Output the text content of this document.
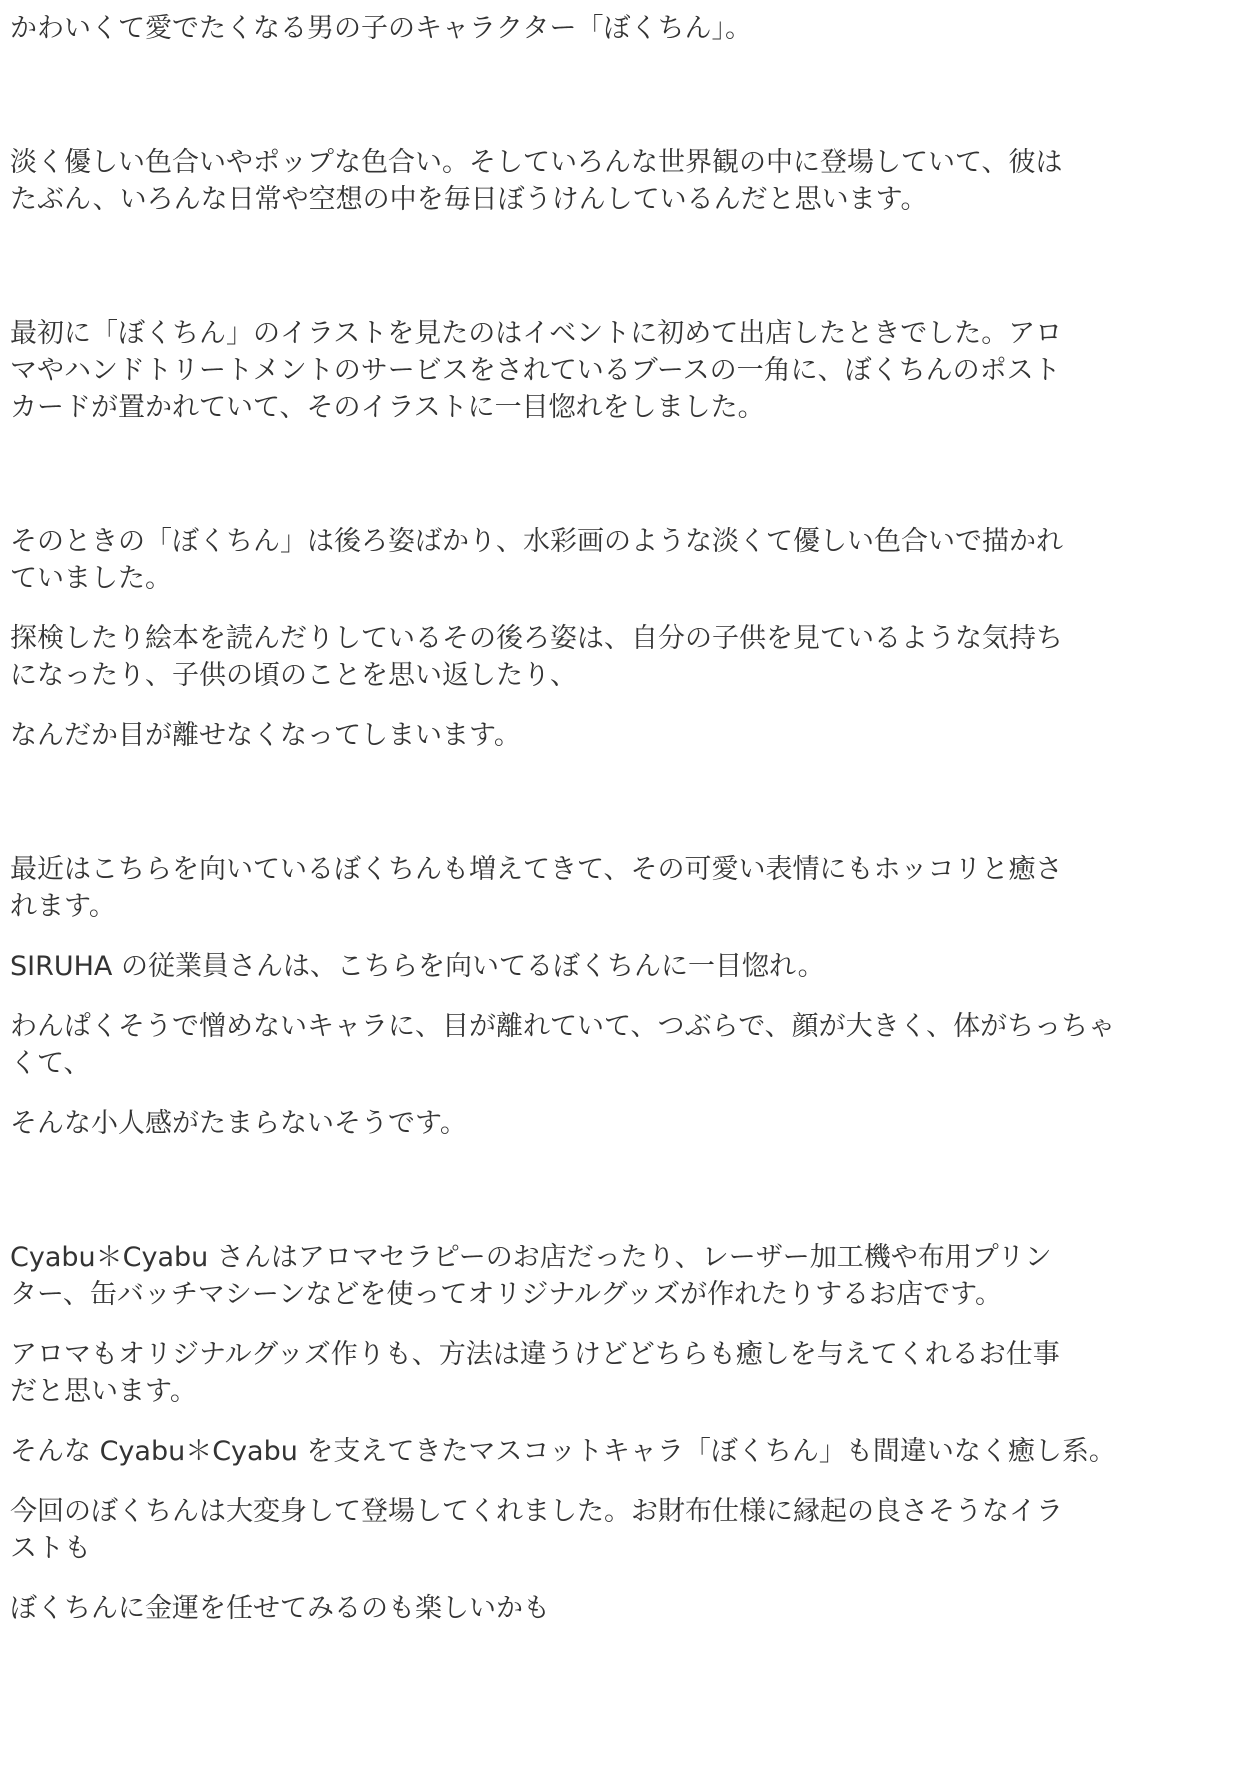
かわいくて愛でたくなる男の子のキャラクター「ぼくちん」。

淡く優しい色合いやポップな色合い。そしていろんな世界観の中に登場していて、彼は
たぶん、いろんな日常や空想の中を毎日ぼうけんしているんだと思います。

最初に「ぼくちん」のイラストを見たのはイベントに初めて出店したときでした。アロ
マやハンドトリートメントのサービスをされているブースの一角に、ぼくちんのポスト
カードが置かれていて、そのイラストに一目惚れをしました。

そのときの「ぼくちん」は後ろ姿ばかり、水彩画のような淡くて優しい色合いで描かれ
ていました。

探検したり絵本を読んだりしているその後ろ姿は、自分の子供を見ているような気持ち
になったり、子供の頃のことを思い返したり、

なんだか目が離せなくなってしまいます。

最近はこちらを向いているぼくちんも増えてきて、その可愛い表情にもホッコリと癒さ
れます。

SIRUHA の従業員さんは、こちらを向いてるぼくちんに一目惚れ。

わんぱくそうで憎めないキャラに、目が離れていて、つぶらで、顔が大きく、体がちっちゃ
くて、

そんな小人感がたまらないそうです。

Cyabu＊Cyabu さんはアロマセラピーのお店だったり、レーザー加工機や布用プリン
ター、缶バッチマシーンなどを使ってオリジナルグッズが作れたりするお店です。

アロマもオリジナルグッズ作りも、方法は違うけどどちらも癒しを与えてくれるお仕事
だと思います。

そんな Cyabu＊Cyabu を支えてきたマスコットキャラ「ぼくちん」も間違いなく癒し系。

今回のぼくちんは大変身して登場してくれました。お財布仕様に縁起の良さそうなイラ
ストも

ぼくちんに金運を任せてみるのも楽しいかも
